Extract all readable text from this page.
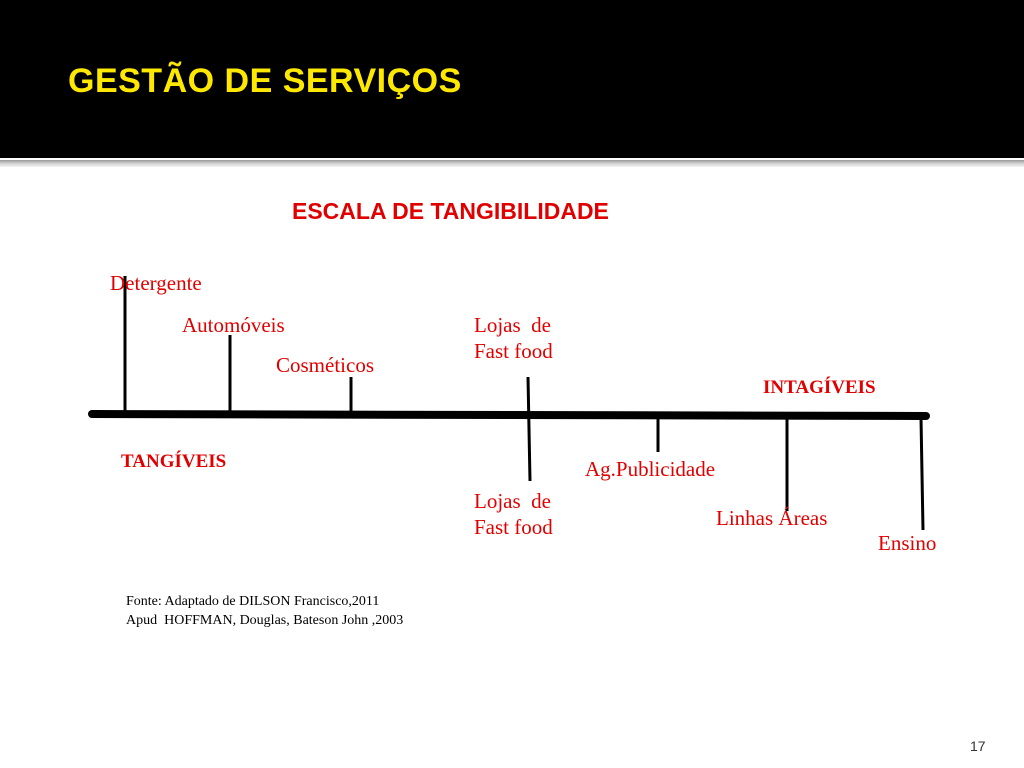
GESTÃO DE SERVIÇOS
ESCALA DE TANGIBILIDADE
Detergente
Automóveis
Cosméticos
Lojas  de
Fast food
INTAGÍVEIS
TANGÍVEIS
Lojas  de
Fast food
Ag.Publicidade
Linhas Áreas
Ensino
Fonte: Adaptado de DILSON Francisco,2011
Apud  HOFFMAN, Douglas, Bateson John ,2003
17
